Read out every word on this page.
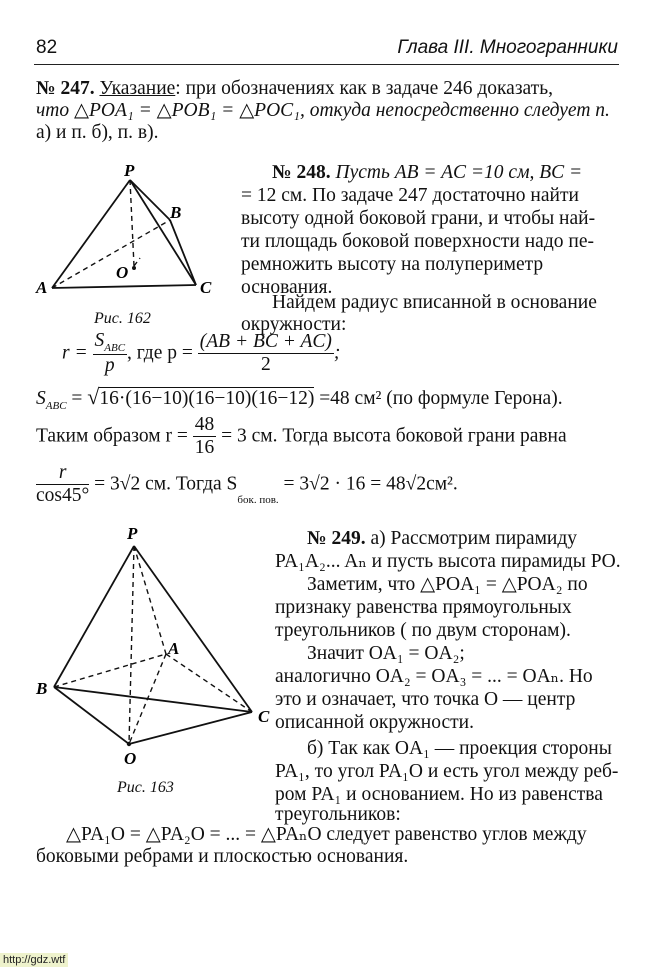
82	Глава III. Многогранники
№ 247. Указание: при обозначениях как в задаче 246 доказать,
что △POA₁ = △POB₁ = △POC₁, откуда непосредственно следует п.
а) и п. б), п. в).
P
B
A	C
O
Рис. 162
№ 248. Пусть AB = AC =10 см, BC =
= 12 см. По задаче 247 достаточно найти
высоту одной боковой грани, и чтобы най-
ти площадь боковой поверхности надо пе-
ремножить высоту на полупериметр
основания.
Найдем радиус вписанной в основание
окружности:
$r = \frac{S_{ABC}}{p}$ , где $p = \frac{(AB + BC + AC)}{2}$ ;
$S_{ABC} = √16\cdot(16-10)(16-10)(16-12) =48$ см² (по формуле Герона).
Таким образом $r = \frac{48}{16} = 3$ см. Тогда высота боковой грани равна
$\frac{r}{\cos 45^\circ} = 3√2$ см. Тогда $S_{бок. пов.} = 3√2 \cdot 16 = 48√2см^2$.
P
A
B
C
O
Рис. 163
№ 249. а) Рассмотрим пирамиду
PA₁A₂... Aₙ и пусть высота пирамиды PO.
Заметим, что △POA₁ = △POA₂ по
признаку равенства прямоугольных
треугольников ( по двум сторонам).
Значит OA₁ = OA₂;
аналогично OA₂ = OA₃ = ... = OAₙ. Но
это и означает, что точка O — центр
описанной окружности.
б) Так как OA₁ — проекция стороны
PA₁, то угол PA₁O и есть угол между реб-
ром PA₁ и основанием. Но из равенства
треугольников:
△PA₁O = △PA₂O = ... = △PAₙO следует равенство углов между
боковыми ребрами и плоскостью основания.
http://gdz.wtf
